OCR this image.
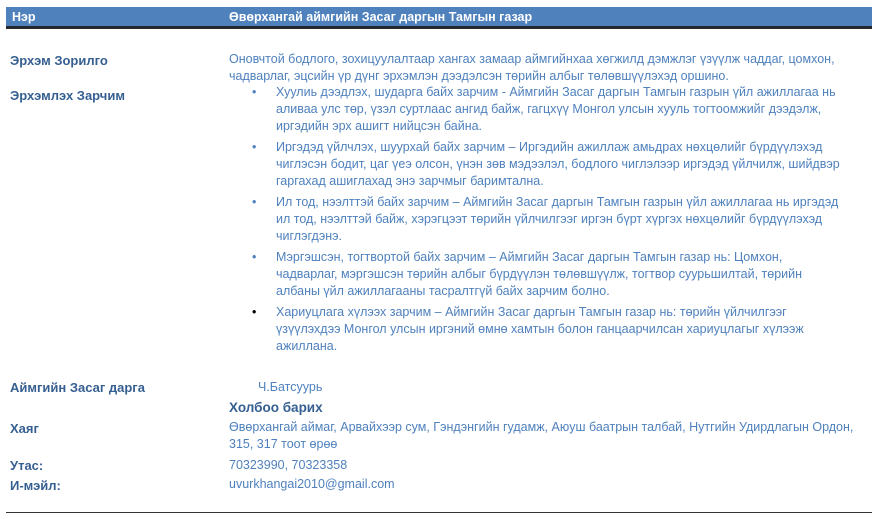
Нэр	Өвөрхангай аймгийн Засаг даргын Тамгын газар
Эрхэм Зорилго	Оновчтой бодлого, зохицуулалтаар хангах замаар аймгийнхаа хөгжилд дэмжлэг үзүүлж чаддаг, цомхон, чадварлаг, эцсийн үр дүнг эрхэмлэн дээдэлсэн төрийн албыг төлөвшүүлэхэд оршино.
Эрхэмлэх Зарчим	• Хуулиь дээдлэх, шударга байх зарчим - Аймгийн Засаг даргын Тамгын газрын үйл ажиллагаа нь аливаа улс төр, үзэл суртлаас ангид байж, гагцхүү Монгол улсын хууль тогтоомжийг дээдэлж, иргэдийн эрх ашигт нийцсэн байна.
• Иргэдэд үйлчлэх, шуурхай байх зарчим – Иргэдийн ажиллаж амьдрах нөхцөлийг бүрдүүлэхэд чиглэсэн бодит, цаг үеэ олсон, үнэн зөв мэдээлэл, бодлого чиглэлээр иргэдэд үйлчилж, шийдвэр гаргахад ашиглахад энэ зарчмыг баримтална.
• Ил тод, нээлттэй байх зарчим – Аймгийн Засаг даргын Тамгын газрын үйл ажиллагаа нь иргэдэд ил тод, нээлттэй байж, хэрэгцээт төрийн үйлчилгээг иргэн бүрт хүргэх нөхцөлийг бүрдүүлэхэд чиглэгдэнэ.
• Мэргэшсэн, тогтвортой байх зарчим – Аймгийн Засаг даргын Тамгын газар нь: Цомхон, чадварлаг, мэргэшсэн төрийн албыг бүрдүүлэн төлөвшүүлж, тогтвор суурьшилтай, төрийн албаны үйл ажиллагааны тасралтгүй байх зарчим болно.
• Хариуцлага хүлээх зарчим – Аймгийн Засаг даргын Тамгын газар нь: төрийн үйлчилгээг үзүүлэхдээ Монгол улсын иргэний өмнө хамтын болон ганцаарчилсан хариуцлагыг хүлээж ажиллана.
Аймгийн Засаг дарга	Ч.Батсуурь
Холбоо барих
Хаяг	Өвөрхангай аймаг, Арвайхээр сум, Гэндэнгийн гудамж, Аюуш баатрын талбай, Нутгийн Удирдлагын Ордон, 315, 317 тоот өрөө
Утас:	70323990, 70323358
И-мэйл:	uvurkhangai2010@gmail.com
